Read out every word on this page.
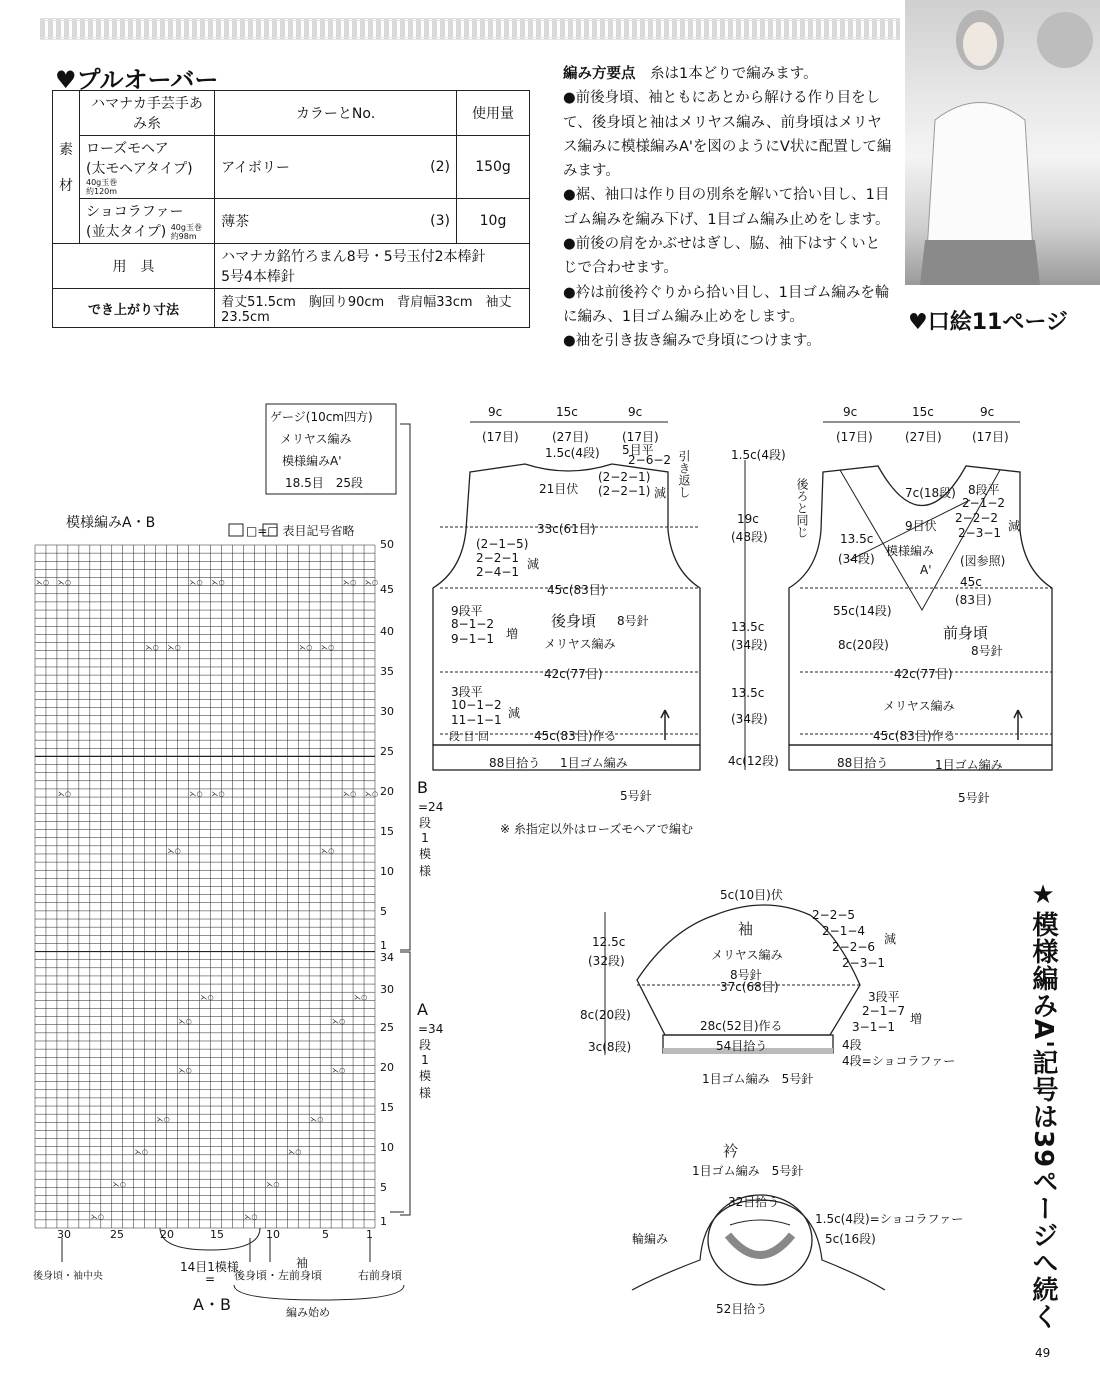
♥プルオーバー
素

材	ハマナカ手芸手あみ糸	カラーとNo.		使用量
	ローズモヘア
(太モヘアタイプ) 40g玉巻
約120m	アイボリー	(2)	150g
	ショコラファー
(並太タイプ) 40g玉巻
約98m	薄茶	(3)	10g
用　具		ハマナカ銘竹ろまん8号・5号玉付2本棒針
5号4本棒針		
でき上がり寸法		着丈51.5cm　胸回り90cm　背肩幅33cm　袖丈23.5cm		
編み方要点　 糸は1本どりで編みます。
●前後身頃、袖ともにあとから解ける作り目をして、後身頃と袖はメリヤス編み、前身頃はメリヤス編みに模様編みA'を図のようにV状に配置して編みます。
●裾、袖口は作り目の別糸を解いて拾い目し、1目ゴム編みを編み下げ、1目ゴム編み止めをします。
●前後の肩をかぶせはぎし、脇、袖下はすくいとじで合わせます。
●衿は前後衿ぐりから拾い目し、1目ゴム編みを輪に編み、1目ゴム編み止めをします。
●袖を引き抜き編みで身頃につけます。
♥口絵11ページ
★模様編みA'記号は39ページへ続く
⋋○
⋋○
⋋○
⋋○
⋋○
⋋○
⋋○
⋋○
⋋○
⋋○
⋋○
⋋○
⋋○
⋋○
⋋○
⋋○
⋋○
⋋○
⋋○
⋋○
⋋○
⋋○
⋋○
⋋○
⋋○
⋋○
⋋○
⋋○
⋋○
⋋○
⋋○
ゲージ(10cm四方)
メリヤス編み
模様編みA'
18.5目　25段
模様編みA・B	□=□ 表目記号省略
50
45
40
35
30
25
20
15
10
5
1
34
30
25
20
15
10
5
1
30	25	20	15	10	5	1
B
=24段1模様
A
=34段1模様
14目1模様
=
A・B
袖
後身頃・袖中央	後身頃・左前身頃	右前身頃
編み始め
9c	15c	9c
(17目)	(27目)	(17目)
1.5c(4段) 5目平
2−6−2
(2−2−1)
(2−2−1) 減
21目伏	引き返し
33c(61目)
(2−1−5)
2−2−1
2−4−1
減
45c(83目)
9段平
8−1−2
9−1−1 増
後身頃 8号針
メリヤス編み
42c(77目)
3段平
10−1−2
11−1−1 減
段 目 回	45c(83目)作る
88目拾う 1目ゴム編み
5号針
9c	15c	9c
(17目)	(27目)	(17目)
1.5c(4段)
19c
(48段)
13.5c
(34段)
13.5c
(34段)
4c(12段)
後ろと同じ	7c(18段) 8段平
2−1−2
2−2−2
2−3−1 減
9目伏
13.5c
(34段)
模様編み
A'
(図参照)
45c
(83目)
55c(14段)
8c(20段)
前身頃
8号針
42c(77目)
メリヤス編み
45c(83目)作る
88目拾う	1目ゴム編み
5号針
※ 糸指定以外はローズモヘアで編む
5c(10目)伏
袖
メリヤス編み
8号針
2−2−5
2−1−4
2−2−6
2−3−1
減
12.5c
(32段)
37c(68目)
8c(20段)
3段平
2−1−7
3−1−1
増
28c(52目)作る
54目拾う	4段
4段=ショコラファー
3c(8段)
1目ゴム編み　5号針
衿
1目ゴム編み　5号針
32目拾う
1.5c(4段)=ショコラファー
5c(16段)
輪編み
52目拾う
49
